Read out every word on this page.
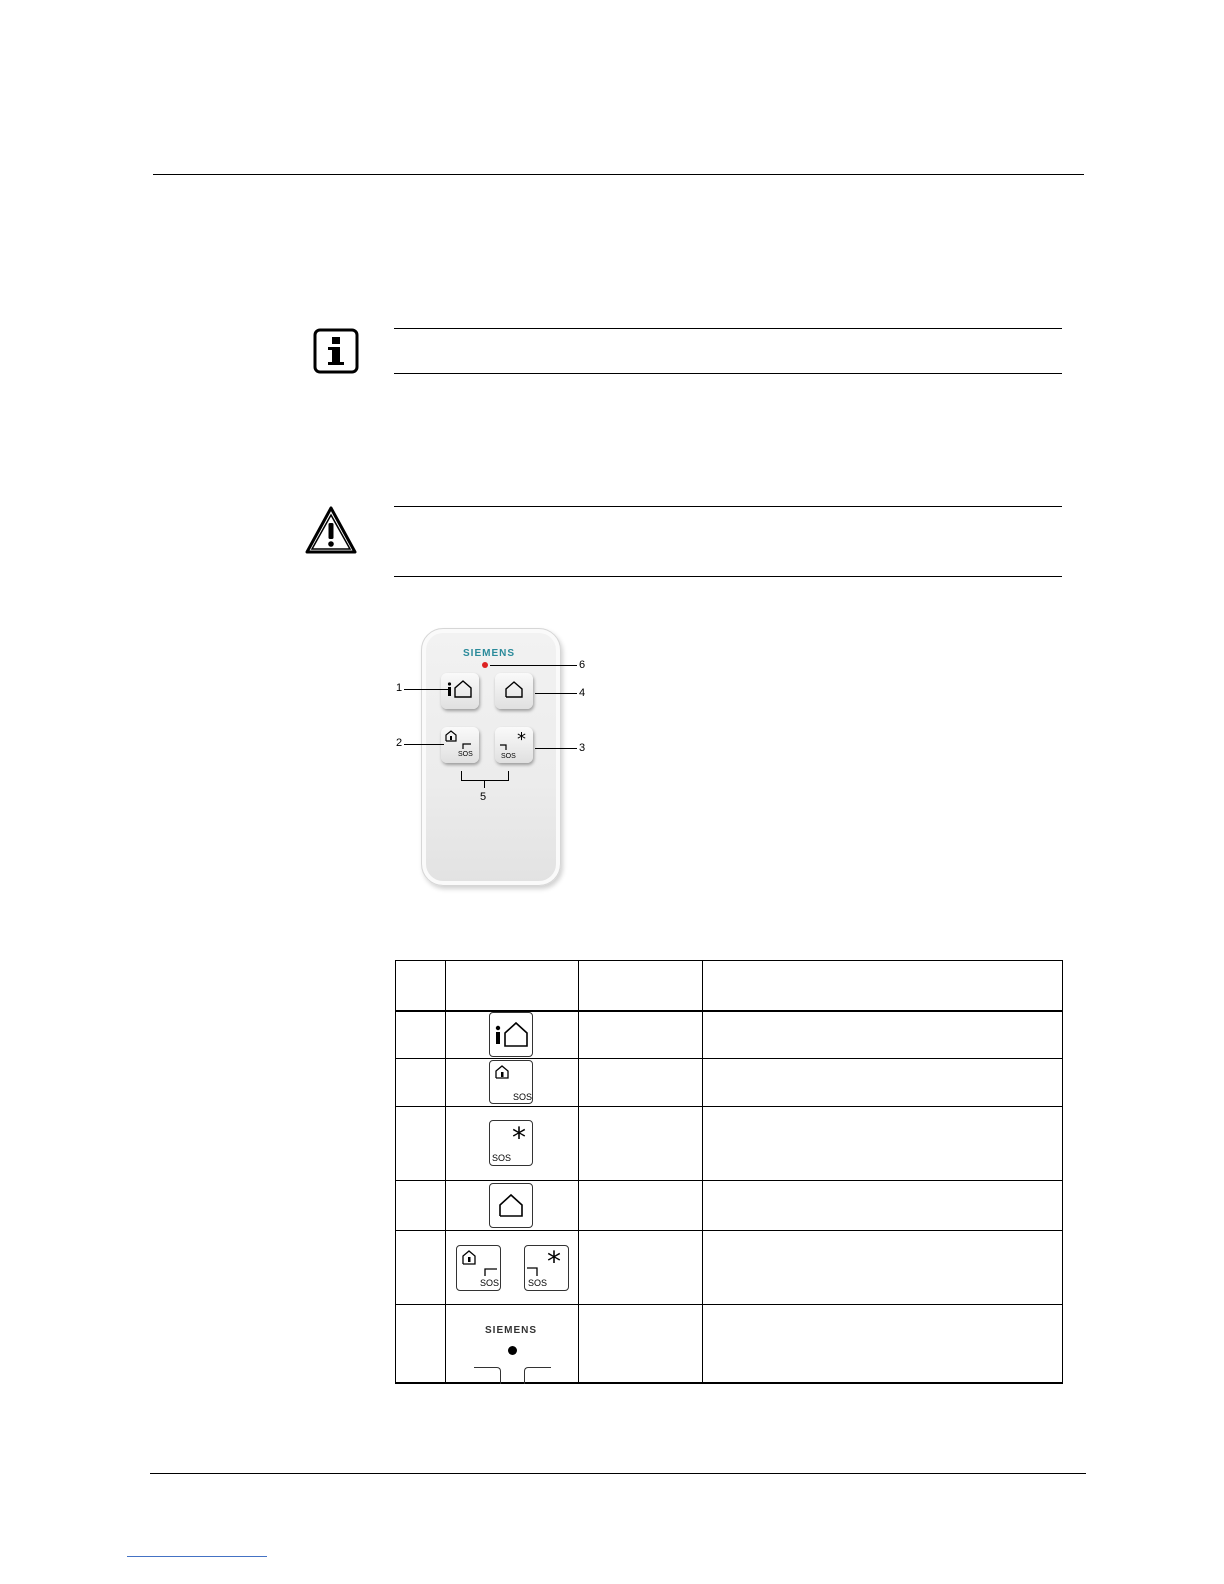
SIEMENS
SOS
*
SOS
1
2	3
4
6
5
SOS
*
SOS
SOS
*
SOS
SIEMENS
